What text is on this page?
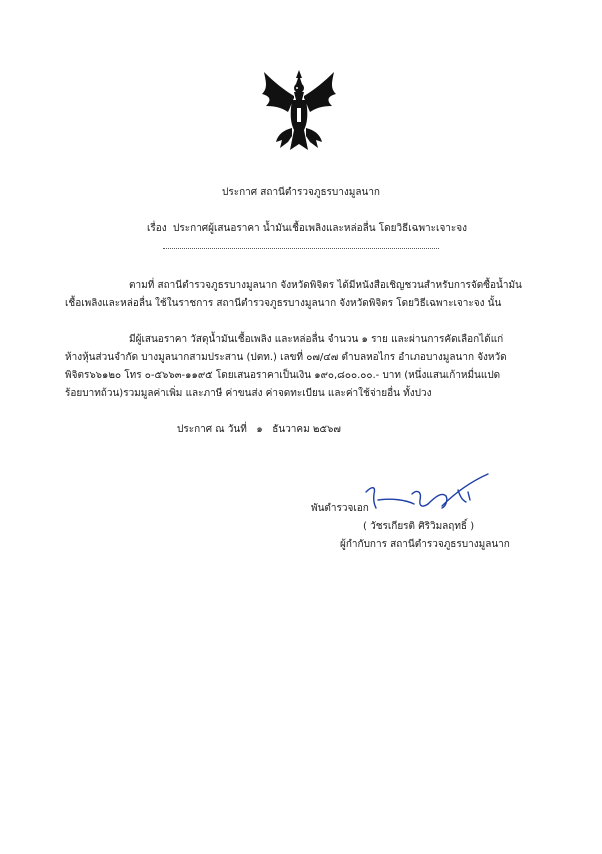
ประกาศ สถานีตำรวจภูธรบางมูลนาก
เรื่อง ประกาศผู้เสนอราคา น้ำมันเชื้อเพลิงและหล่อลื่น โดยวิธีเฉพาะเจาะจง
ตามที่ สถานีตำรวจภูธรบางมูลนาก จังหวัดพิจิตร ได้มีหนังสือเชิญชวนสำหรับการจัดซื้อน้ำมัน
เชื้อเพลิงและหล่อลื่น ใช้ในราชการ สถานีตำรวจภูธรบางมูลนาก จังหวัดพิจิตร โดยวิธีเฉพาะเจาะจง นั้น
มีผู้เสนอราคา วัสดุน้ำมันเชื้อเพลิง และหล่อลื่น จำนวน ๑ ราย และผ่านการคัดเลือกได้แก่
ห้างหุ้นส่วนจำกัด บางมูลนากสามประสาน (ปตท.) เลขที่ ๐๗/๔๗ ตำบลหอไกร อำเภอบางมูลนาก จังหวัด
พิจิตร๖๖๑๒๐ โทร ๐-๕๖๖๓-๑๑๙๕ โดยเสนอราคาเป็นเงิน ๑๙๐,๘๐๐.๐๐.- บาท (หนึ่งแสนเก้าหมื่นแปด
ร้อยบาทถ้วน)รวมมูลค่าเพิ่ม และภาษี ค่าขนส่ง ค่าจดทะเบียน และค่าใช้จ่ายอื่น ทั้งปวง
ประกาศ ณ วันที่ ๑ ธันวาคม ๒๕๖๗
พันตำรวจเอก
( วัชรเกียรติ ศิริวิมลฤทธิ์ )
ผู้กำกับการ สถานีตำรวจภูธรบางมูลนาก
